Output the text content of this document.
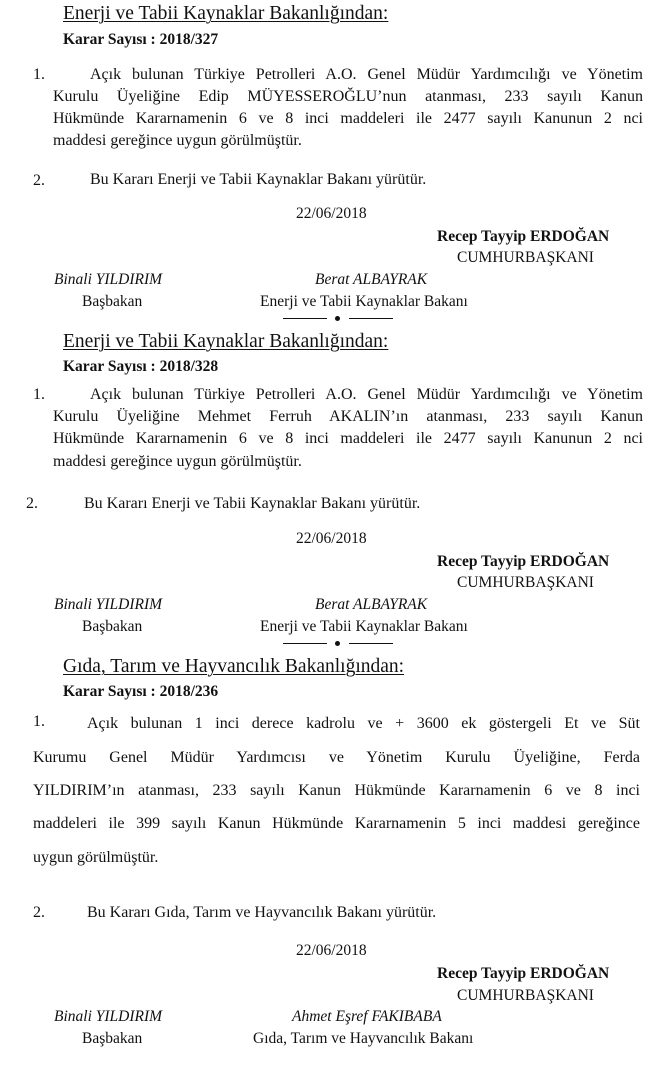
Enerji ve Tabii Kaynaklar Bakanlığından:
Karar Sayısı : 2018/327
1.	Açık bulunan Türkiye Petrolleri A.O. Genel Müdür Yardımcılığı ve Yönetim
Kurulu Üyeliğine Edip MÜYESSEROĞLU’nun atanması, 233 sayılı Kanun
Hükmünde Kararnamenin 6 ve 8 inci maddeleri ile 2477 sayılı Kanunun 2 nci
maddesi gereğince uygun görülmüştür.
2.	Bu Kararı Enerji ve Tabii Kaynaklar Bakanı yürütür.
22/06/2018
Recep Tayyip ERDOĞAN
CUMHURBAŞKANI
Binali YILDIRIM
Başbakan
Berat ALBAYRAK
Enerji ve Tabii Kaynaklar Bakanı
Enerji ve Tabii Kaynaklar Bakanlığından:
Karar Sayısı : 2018/328
1.	Açık bulunan Türkiye Petrolleri A.O. Genel Müdür Yardımcılığı ve Yönetim
Kurulu Üyeliğine Mehmet Ferruh AKALIN’ın atanması, 233 sayılı Kanun
Hükmünde Kararnamenin 6 ve 8 inci maddeleri ile 2477 sayılı Kanunun 2 nci
maddesi gereğince uygun görülmüştür.
2.	Bu Kararı Enerji ve Tabii Kaynaklar Bakanı yürütür.
22/06/2018
Recep Tayyip ERDOĞAN
CUMHURBAŞKANI
Binali YILDIRIM
Başbakan
Berat ALBAYRAK
Enerji ve Tabii Kaynaklar Bakanı
Gıda, Tarım ve Hayvancılık Bakanlığından:
Karar Sayısı : 2018/236
1.	Açık bulunan 1 inci derece kadrolu ve + 3600 ek göstergeli Et ve Süt
Kurumu Genel Müdür Yardımcısı ve Yönetim Kurulu Üyeliğine, Ferda
YILDIRIM’ın atanması, 233 sayılı Kanun Hükmünde Kararnamenin 6 ve 8 inci
maddeleri ile 399 sayılı Kanun Hükmünde Kararnamenin 5 inci maddesi gereğince
uygun görülmüştür.
2.	Bu Kararı Gıda, Tarım ve Hayvancılık Bakanı yürütür.
22/06/2018
Recep Tayyip ERDOĞAN
CUMHURBAŞKANI
Binali YILDIRIM
Başbakan
Ahmet Eşref FAKIBABA
Gıda, Tarım ve Hayvancılık Bakanı
